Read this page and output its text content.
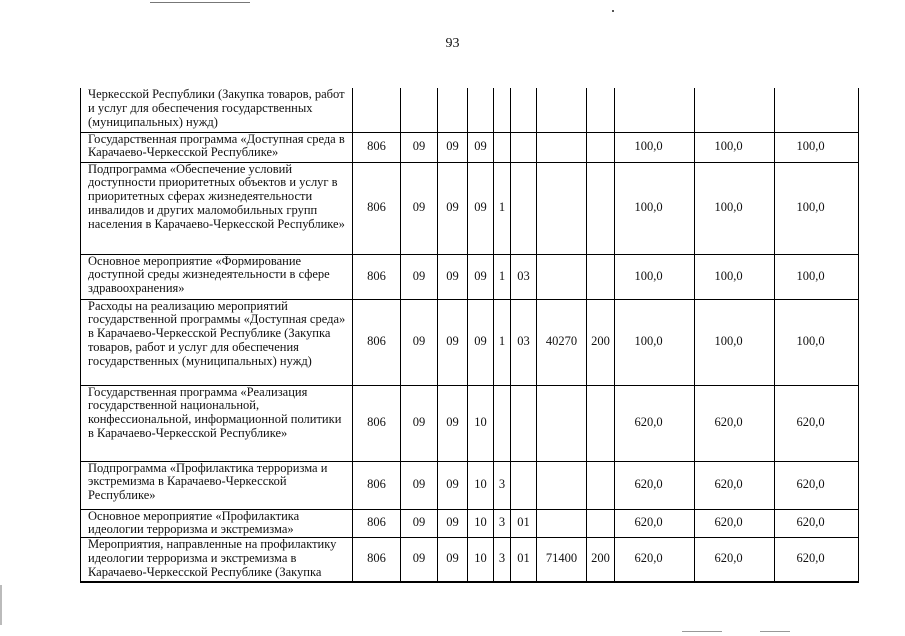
93
Черкесской Республики (Закупка товаров, работ и услуг для обеспечения государственных (муниципальных) нужд)											
Государственная программа «Доступная среда в Карачаево-Черкесской Республике»	806	09	09	09					100,0	100,0	100,0
Подпрограмма «Обеспечение условий доступности приоритетных объектов и услуг в приоритетных сферах жизнедеятельности инвалидов и других маломобильных групп населения в Карачаево-Черкесской Республике»	806	09	09	09	1				100,0	100,0	100,0
Основное мероприятие «Формирование доступной среды жизнедеятельности в сфере здравоохранения»	806	09	09	09	1	03			100,0	100,0	100,0
Расходы на реализацию мероприятий государственной программы «Доступная среда» в Карачаево-Черкесской Республике (Закупка товаров, работ и услуг для обеспечения государственных (муниципальных) нужд)	806	09	09	09	1	03	40270	200	100,0	100,0	100,0
Государственная программа «Реализация государственной национальной, конфессиональной, информационной политики в Карачаево-Черкесской Республике»	806	09	09	10					620,0	620,0	620,0
Подпрограмма «Профилактика терроризма и экстремизма в Карачаево-Черкесской Республике»	806	09	09	10	3				620,0	620,0	620,0
Основное мероприятие «Профилактика идеологии терроризма и экстремизма»	806	09	09	10	3	01			620,0	620,0	620,0
Мероприятия, направленные на профилактику идеологии терроризма и экстремизма в Карачаево-Черкесской Республике (Закупка	806	09	09	10	3	01	71400	200	620,0	620,0	620,0
